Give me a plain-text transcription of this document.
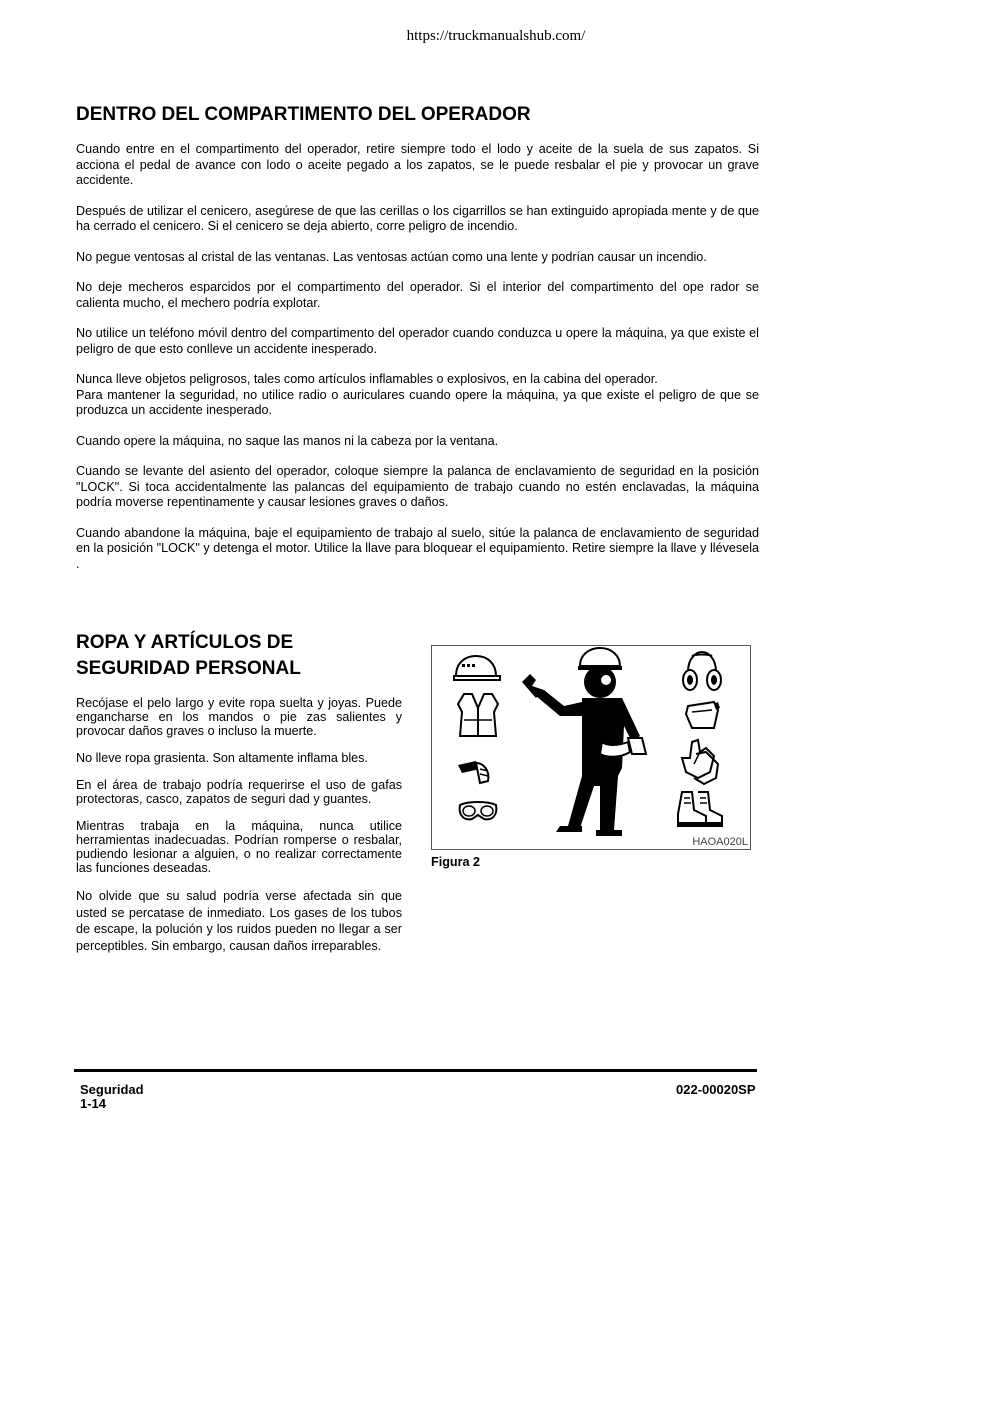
https://truckmanualshub.com/
DENTRO DEL COMPARTIMENTO DEL OPERADOR

Cuando entre en el compartimento del operador, retire siempre todo el lodo y aceite de la suela de sus zapatos. Si acciona el pedal de avance con lodo o aceite pegado a los zapatos, se le puede resbalar el pie y provocar un grave accidente.

Después de utilizar el cenicero, asegúrese de que las cerillas o los cigarrillos se han extinguido apropiada mente y de que ha cerrado el cenicero. Si el cenicero se deja abierto, corre peligro de incendio.

No pegue ventosas al cristal de las ventanas. Las ventosas actúan como una lente y podrían causar un incendio.

No deje mecheros esparcidos por el compartimento del operador. Si el interior del compartimento del ope rador se calienta mucho, el mechero podría explotar.

No utilice un teléfono móvil dentro del compartimento del operador cuando conduzca u opere la máquina, ya que existe el peligro de que esto conlleve un accidente inesperado.

Nunca lleve objetos peligrosos, tales como artículos inflamables o explosivos, en la cabina del operador.

Para mantener la seguridad, no utilice radio o auriculares cuando opere la máquina, ya que existe el peligro de que se produzca un accidente inesperado.

Cuando opere la máquina, no saque las manos ni la cabeza por la ventana.

Cuando se levante del asiento del operador, coloque siempre la palanca de enclavamiento de seguridad en la posición "LOCK". Si toca accidentalmente las palancas del equipamiento de trabajo cuando no estén enclavadas, la máquina podría moverse repentinamente y causar lesiones graves o daños.

Cuando abandone la máquina, baje el equipamiento de trabajo al suelo, sitúe la palanca de enclavamiento de seguridad en la posición "LOCK" y detenga el motor. Utilice la llave para bloquear el equipamiento. Retire siempre la llave y llévesela .

ROPA Y ARTÍCULOS DE
SEGURIDAD PERSONAL

Recójase el pelo largo y evite ropa suelta y joyas. Puede engancharse en los mandos o pie zas salientes y provocar daños graves o incluso la muerte.

No lleve ropa grasienta. Son altamente inflama bles.

En el área de trabajo podría requerirse el uso de gafas protectoras, casco, zapatos de seguri dad y guantes.

Mientras trabaja en la máquina, nunca utilice herramientas inadecuadas. Podrían romperse o resbalar, pudiendo lesionar a alguien, o no realizar correctamente las funciones deseadas.

No olvide que su salud podría verse afectada sin que usted se percatase de inmediato. Los gases de los tubos de escape, la polución y los ruidos pueden no llegar a ser perceptibles. Sin embargo, causan daños irreparables.

HAOA020L
Figura 2
Seguridad
1-14
022-00020SP
